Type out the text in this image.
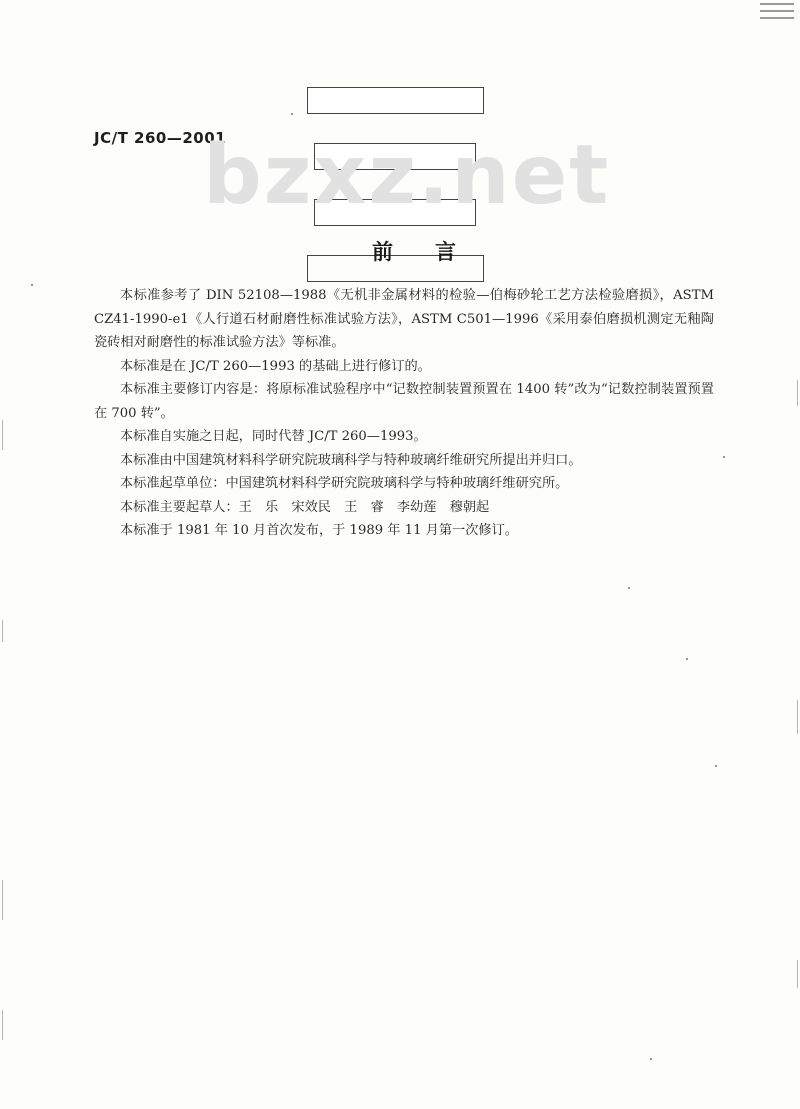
JC/T 260—2001
bzxz.net
前言

本标准参考了 DIN 52108—1988《无机非金属材料的检验—伯梅砂轮工艺方法检验磨损》，ASTM CZ41-1990-e1《人行道石材耐磨性标准试验方法》，ASTM C501—1996《采用泰伯磨损机测定无釉陶瓷砖相对耐磨性的标准试验方法》等标准。

本标准是在 JC/T 260—1993 的基础上进行修订的。

本标准主要修订内容是：将原标准试验程序中“记数控制装置预置在 1400 转”改为“记数控制装置预置在 700 转”。

本标准自实施之日起，同时代替 JC/T 260—1993。

本标准由中国建筑材料科学研究院玻璃科学与特种玻璃纤维研究所提出并归口。

本标准起草单位：中国建筑材料科学研究院玻璃科学与特种玻璃纤维研究所。

本标准主要起草人：王　乐　宋效民　王　睿　李幼莲　穆朝起

本标准于 1981 年 10 月首次发布，于 1989 年 11 月第一次修订。
